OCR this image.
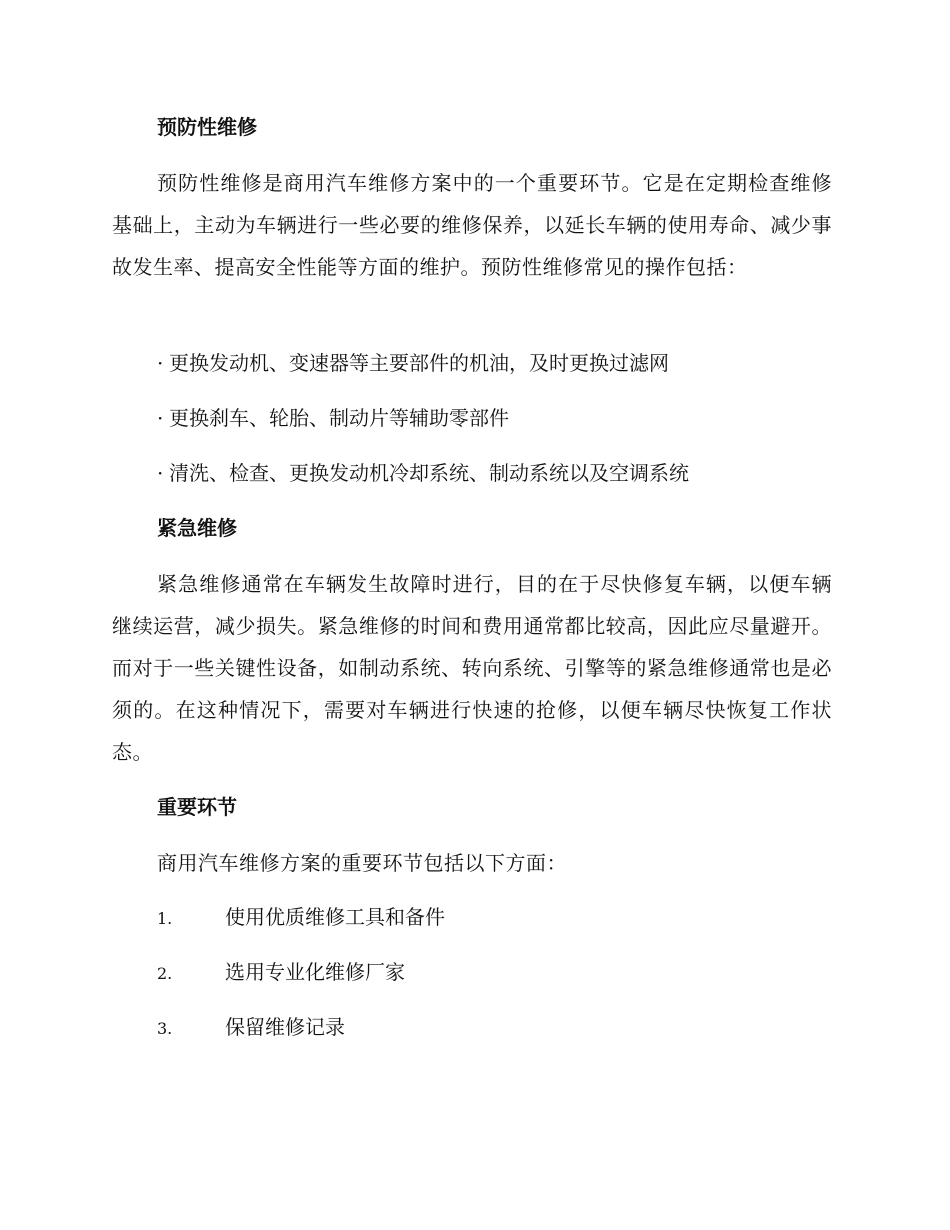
预防性维修
预防性维修是商用汽车维修方案中的一个重要环节。它是在定期检查维修基础上，主动为车辆进行一些必要的维修保养，以延长车辆的使用寿命、减少事故发生率、提高安全性能等方面的维护。预防性维修常见的操作包括：
· 更换发动机、变速器等主要部件的机油，及时更换过滤网
· 更换刹车、轮胎、制动片等辅助零部件
· 清洗、检查、更换发动机冷却系统、制动系统以及空调系统
紧急维修
紧急维修通常在车辆发生故障时进行，目的在于尽快修复车辆，以便车辆继续运营，减少损失。紧急维修的时间和费用通常都比较高，因此应尽量避开。而对于一些关键性设备，如制动系统、转向系统、引擎等的紧急维修通常也是必须的。在这种情况下，需要对车辆进行快速的抢修，以便车辆尽快恢复工作状态。
重要环节
商用汽车维修方案的重要环节包括以下方面：
1.	使用优质维修工具和备件
2.	选用专业化维修厂家
3.	保留维修记录
